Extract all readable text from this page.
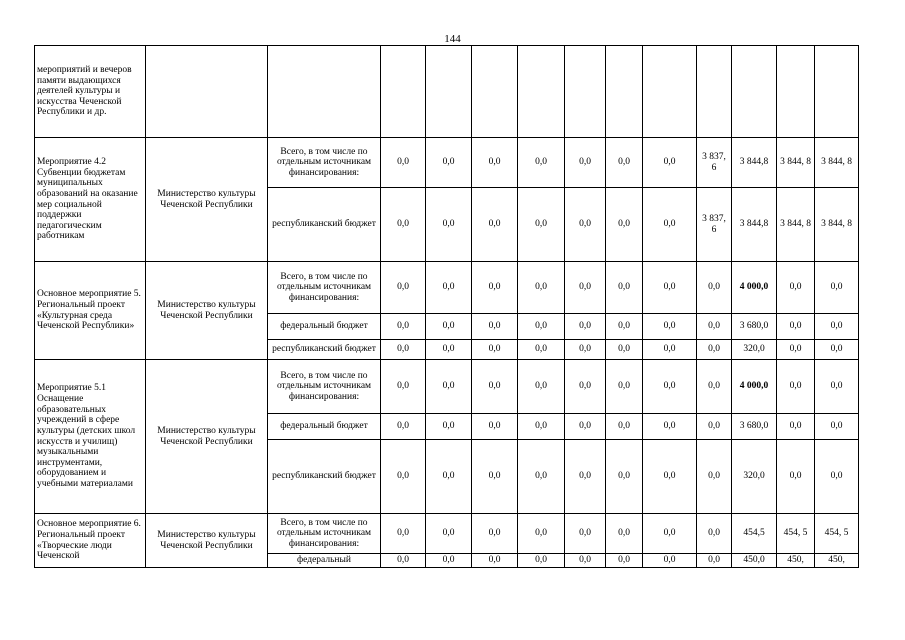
144
мероприятий и вечеров памяти выдающихся деятелей культуры и искусства Чеченской Республики и др.													
Мероприятие 4.2 Субвенции бюджетам муниципальных образований на оказание мер социальной поддержки педагогическим работникам	Министерство культуры Чеченской Республики	Всего, в том числе по отдельным источникам финансирования:	0,0	0,0	0,0	0,0	0,0	0,0	0,0	3 837, 6	3 844,8	3 844, 8	3 844, 8
		республиканский бюджет	0,0	0,0	0,0	0,0	0,0	0,0	0,0	3 837, 6	3 844,8	3 844, 8	3 844, 8
Основное мероприятие 5. Региональный проект «Культурная среда Чеченской Республики»	Министерство культуры Чеченской Республики	Всего, в том числе по отдельным источникам финансирования:	0,0	0,0	0,0	0,0	0,0	0,0	0,0	0,0	4 000,0	0,0	0,0
		федеральный бюджет	0,0	0,0	0,0	0,0	0,0	0,0	0,0	0,0	3 680,0	0,0	0,0
		республиканский бюджет	0,0	0,0	0,0	0,0	0,0	0,0	0,0	0,0	320,0	0,0	0,0
Мероприятие 5.1 Оснащение образовательных учреждений в сфере культуры (детских школ искусств и училищ) музыкальными инструментами, оборудованием и учебными материалами	Министерство культуры Чеченской Республики	Всего, в том числе по отдельным источникам финансирования:	0,0	0,0	0,0	0,0	0,0	0,0	0,0	0,0	4 000,0	0,0	0,0
		федеральный бюджет	0,0	0,0	0,0	0,0	0,0	0,0	0,0	0,0	3 680,0	0,0	0,0
		республиканский бюджет	0,0	0,0	0,0	0,0	0,0	0,0	0,0	0,0	320,0	0,0	0,0
Основное мероприятие 6. Региональный проект «Творческие люди Чеченской	Министерство культуры Чеченской Республики	Всего, в том числе по отдельным источникам финансирования:	0,0	0,0	0,0	0,0	0,0	0,0	0,0	0,0	454,5	454, 5	454, 5
		федеральный	0,0	0,0	0,0	0,0	0,0	0,0	0,0	0,0	450,0	450,	450,
